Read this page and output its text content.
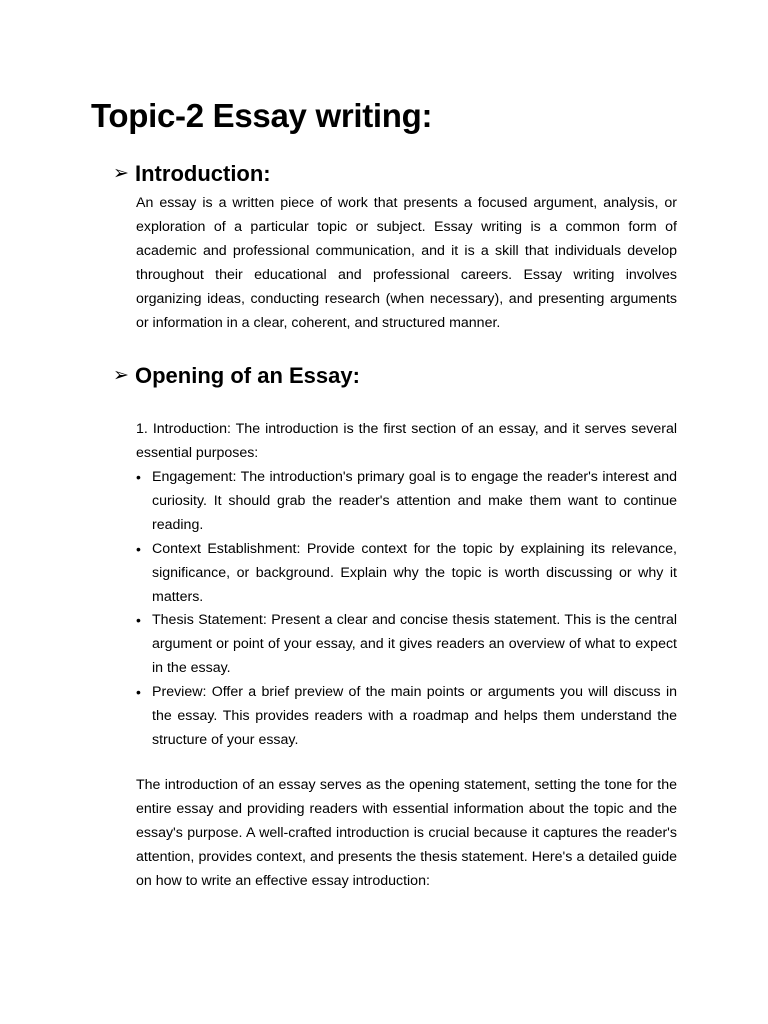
Topic-2 Essay writing:
➢ Introduction:

An essay is a written piece of work that presents a focused argument, analysis, or exploration of a particular topic or subject. Essay writing is a common form of academic and professional communication, and it is a skill that individuals develop throughout their educational and professional careers. Essay writing involves organizing ideas, conducting research (when necessary), and presenting arguments or information in a clear, coherent, and structured manner.

➢ Opening of an Essay:

1. Introduction: The introduction is the first section of an essay, and it serves several essential purposes:

• Engagement: The introduction's primary goal is to engage the reader's interest and curiosity. It should grab the reader's attention and make them want to continue reading.
• Context Establishment: Provide context for the topic by explaining its relevance, significance, or background. Explain why the topic is worth discussing or why it matters.
• Thesis Statement: Present a clear and concise thesis statement. This is the central argument or point of your essay, and it gives readers an overview of what to expect in the essay.
• Preview: Offer a brief preview of the main points or arguments you will discuss in the essay. This provides readers with a roadmap and helps them understand the structure of your essay.

The introduction of an essay serves as the opening statement, setting the tone for the entire essay and providing readers with essential information about the topic and the essay's purpose. A well-crafted introduction is crucial because it captures the reader's attention, provides context, and presents the thesis statement. Here's a detailed guide on how to write an effective essay introduction:
